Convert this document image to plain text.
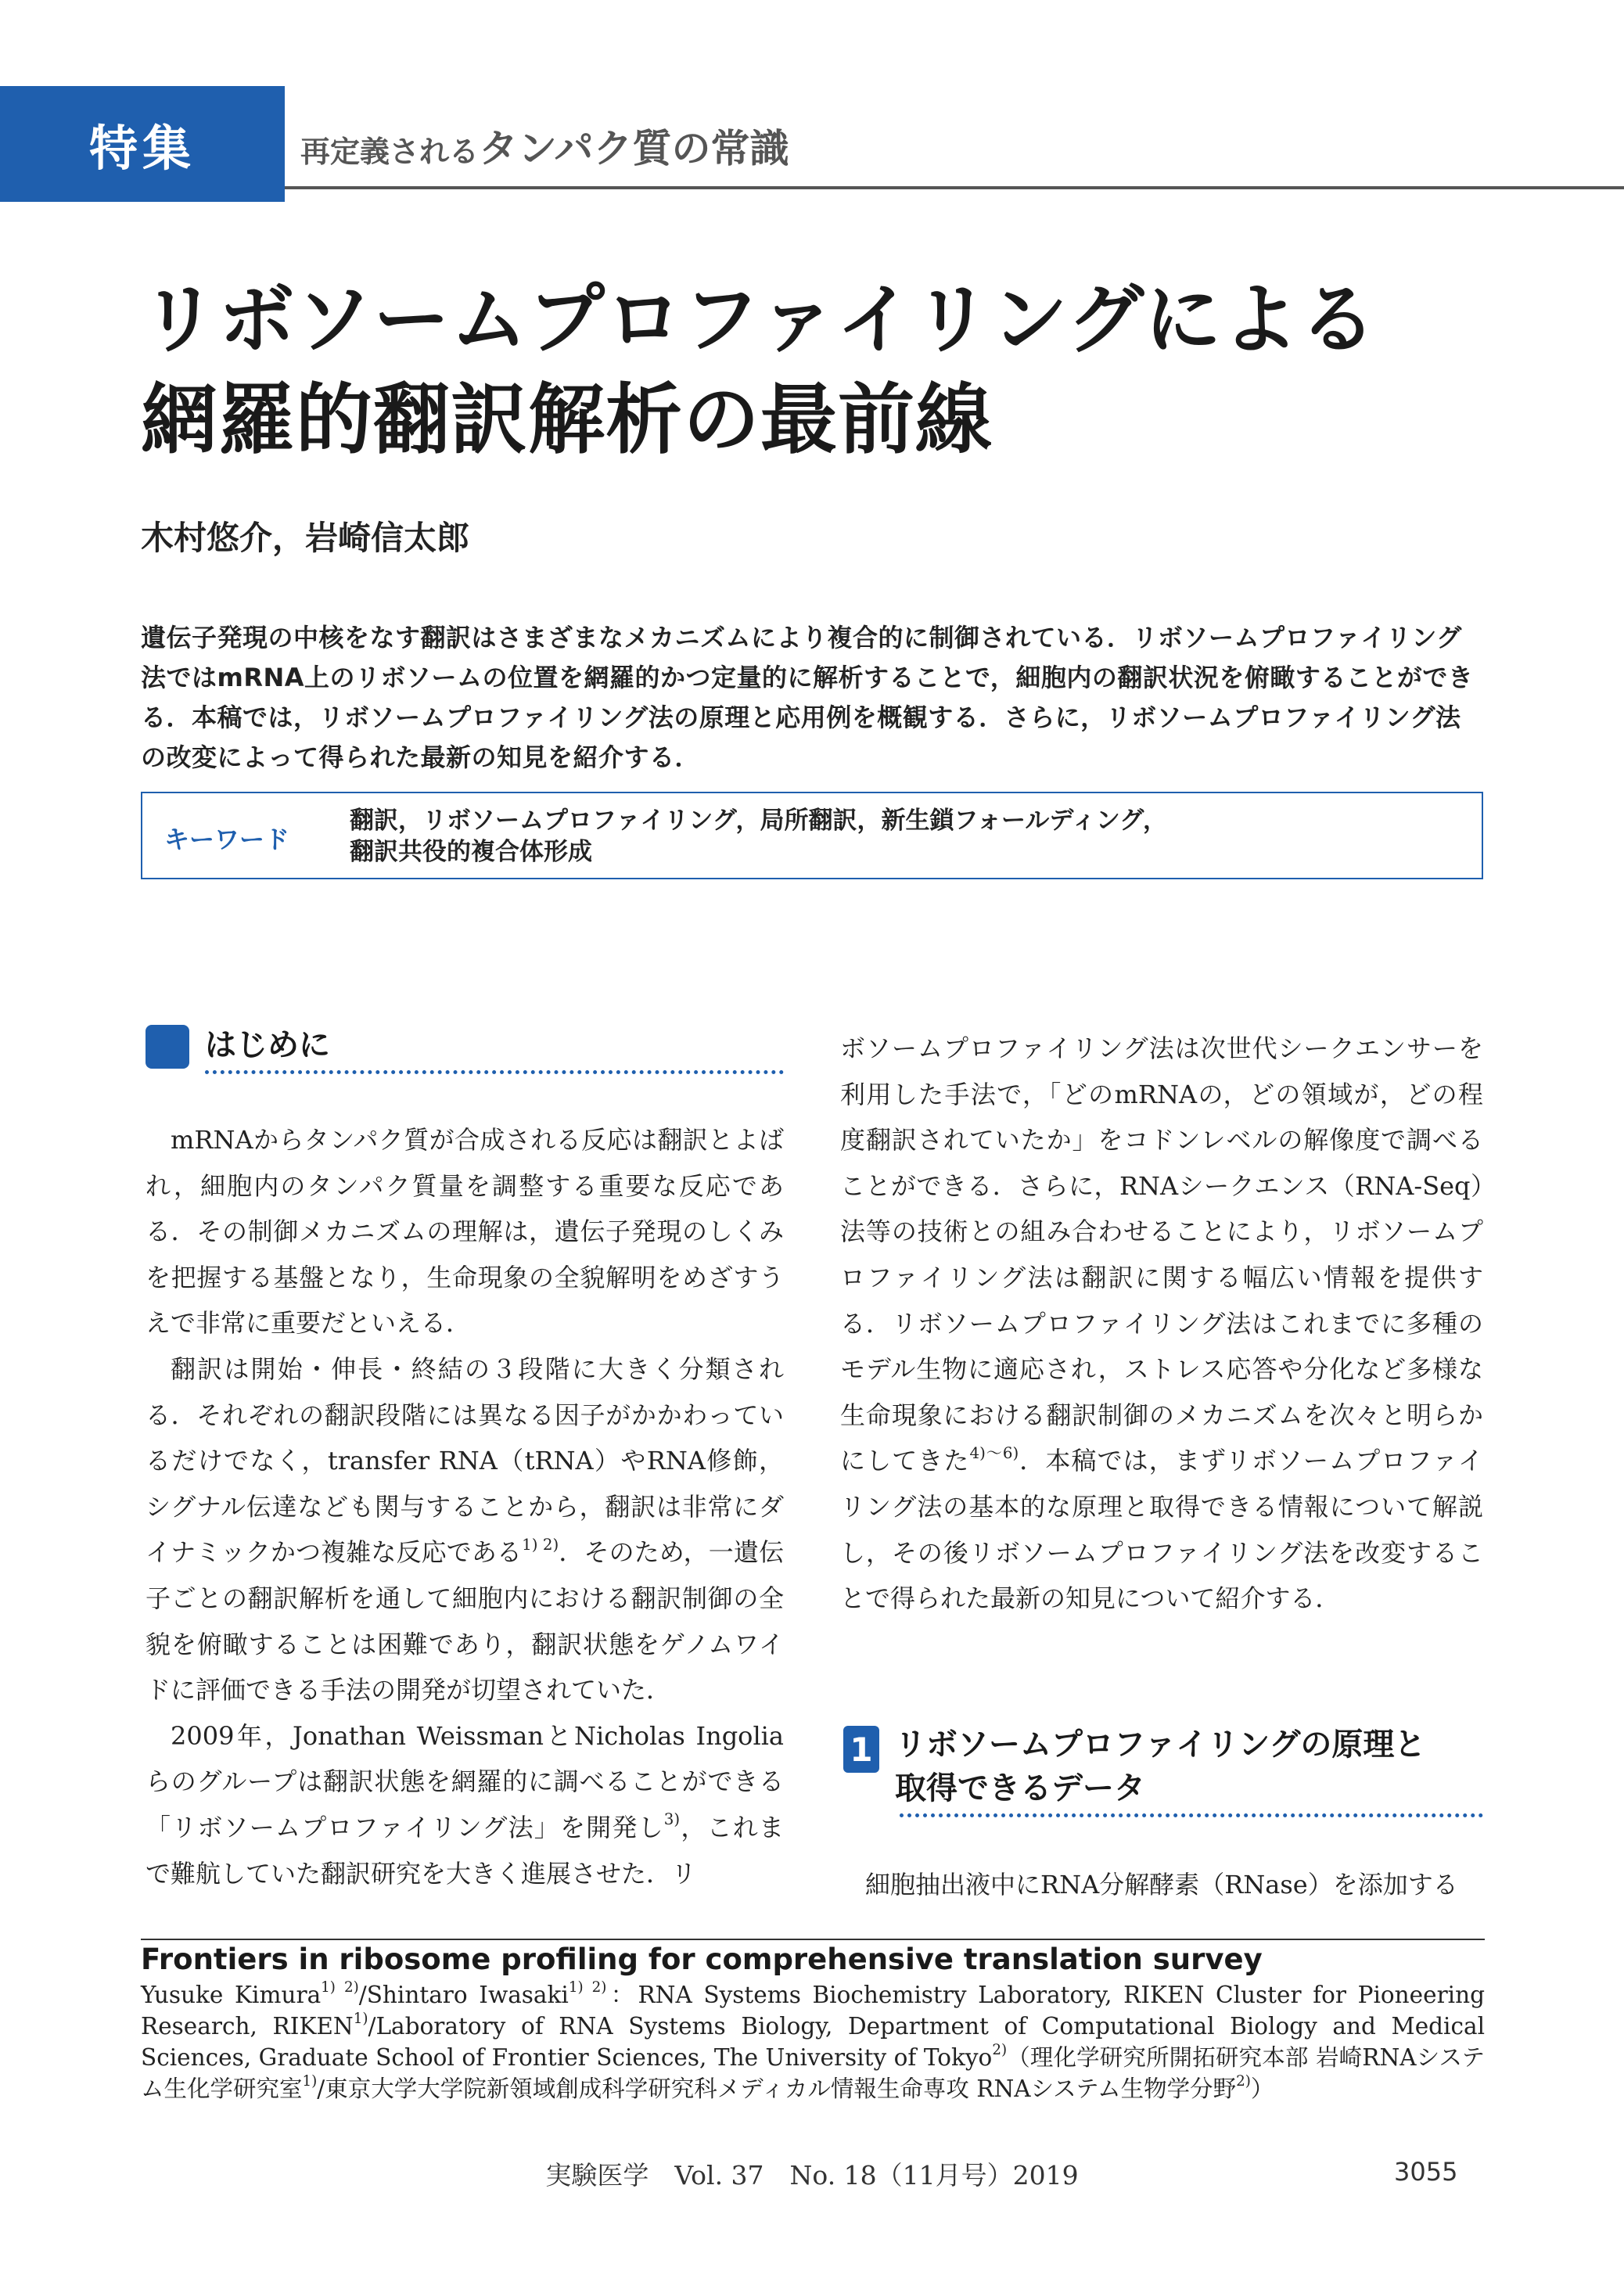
特集	再定義されるタンパク質の常識
リボソームプロファイリングによる
網羅的翻訳解析の最前線
木村悠介，岩崎信太郎
遺伝子発現の中核をなす翻訳はさまざまなメカニズムにより複合的に制御されている．リボソームプロファイリング法ではmRNA上のリボソームの位置を網羅的かつ定量的に解析することで，細胞内の翻訳状況を俯瞰することができる．本稿では，リボソームプロファイリング法の原理と応用例を概観する．さらに，リボソームプロファイリング法の改変によって得られた最新の知見を紹介する．
キーワード
翻訳，リボソームプロファイリング，局所翻訳，新生鎖フォールディング，
翻訳共役的複合体形成
はじめに

mRNAからタンパク質が合成される反応は翻訳とよばれ，細胞内のタンパク質量を調整する重要な反応である．その制御メカニズムの理解は，遺伝子発現のしくみを把握する基盤となり，生命現象の全貌解明をめざすうえで非常に重要だといえる．

翻訳は開始・伸長・終結の３段階に大きく分類される．それぞれの翻訳段階には異なる因子がかかわっているだけでなく，transfer RNA（tRNA）やRNA修飾，シグナル伝達なども関与することから，翻訳は非常にダイナミックかつ複雑な反応である$^{1) 2)}$．そのため，一遺伝子ごとの翻訳解析を通して細胞内における翻訳制御の全貌を俯瞰することは困難であり，翻訳状態をゲノムワイドに評価できる手法の開発が切望されていた．

2009年，Jonathan WeissmanとNicholas Ingoliaらのグループは翻訳状態を網羅的に調べることができる「リボソームプロファイリング法」を開発し$^{3)}$，これまで難航していた翻訳研究を大きく進展させた．リ

ボソームプロファイリング法は次世代シークエンサーを利用した手法で，「どのmRNAの，どの領域が，どの程度翻訳されていたか」をコドンレベルの解像度で調べることができる．さらに，RNAシークエンス（RNA-Seq）法等の技術との組み合わせることにより，リボソームプロファイリング法は翻訳に関する幅広い情報を提供する．リボソームプロファイリング法はこれまでに多種のモデル生物に適応され，ストレス応答や分化など多様な生命現象における翻訳制御のメカニズムを次々と明らかにしてきた$^{4)〜6)}$．本稿では，まずリボソームプロファイリング法の基本的な原理と取得できる情報について解説し，その後リボソームプロファイリング法を改変することで得られた最新の知見について紹介する．

1 リボソームプロファイリングの原理と
取得できるデータ

細胞抽出液中にRNA分解酵素（RNase）を添加する

Frontiers in ribosome profiling for comprehensive translation survey
Yusuke Kimura$^{1) 2)}$/Shintaro Iwasaki$^{1) 2)}$：RNA Systems Biochemistry Laboratory, RIKEN Cluster for Pioneering Research, RIKEN$^{1)}$/Laboratory of RNA Systems Biology, Department of Computational Biology and Medical Sciences, Graduate School of Frontier Sciences, The University of Tokyo$^{2)}$（理化学研究所開拓研究本部 岩崎RNAシステム生化学研究室$^{1)}$/東京大学大学院新領域創成科学研究科メディカル情報生命専攻 RNAシステム生物学分野$^{2)}$）
実験医学　Vol. 37　No. 18（11月号）2019	3055
